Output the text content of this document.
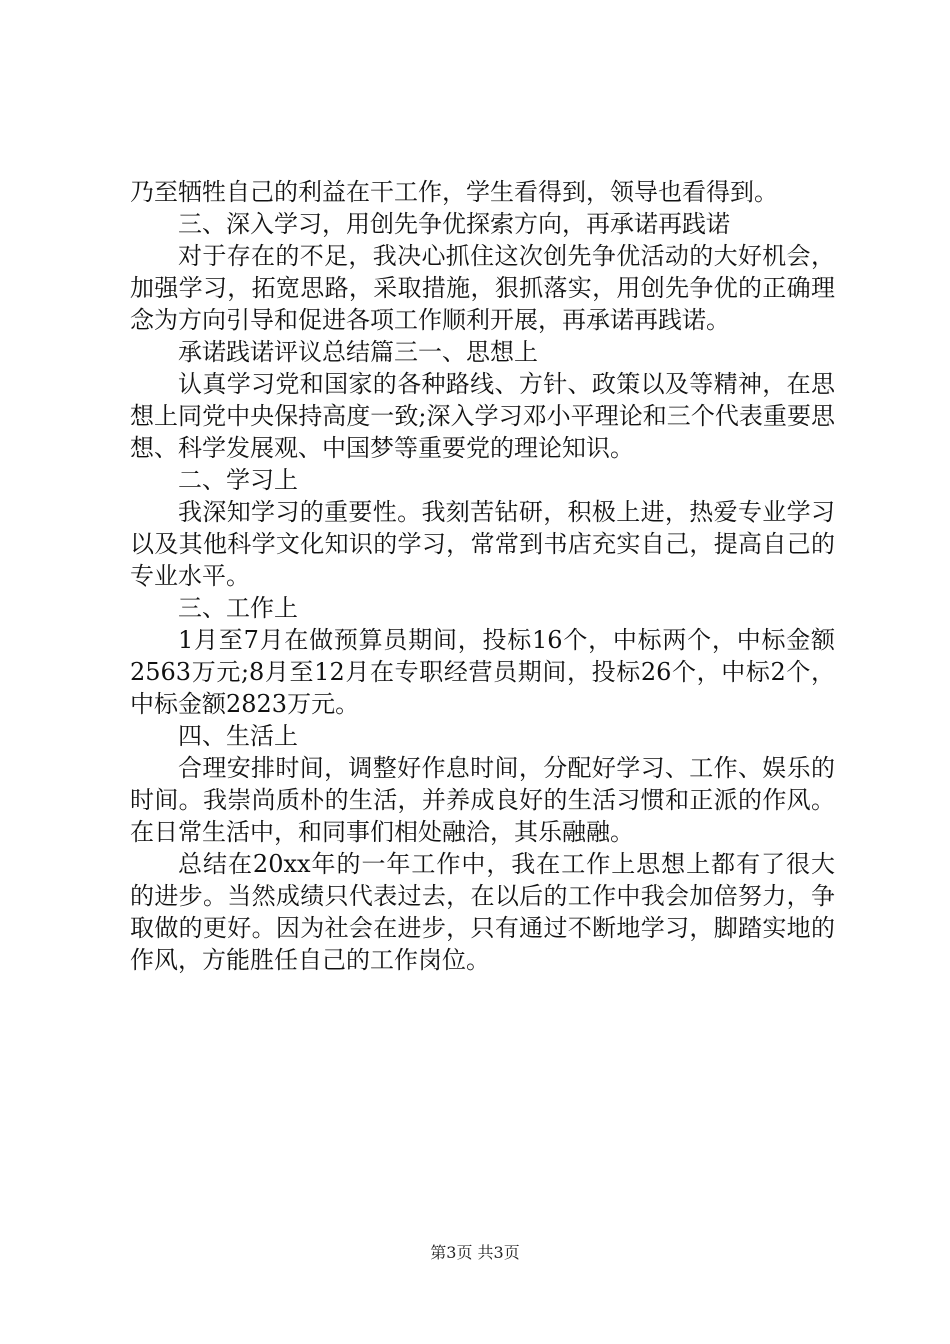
乃至牺牲自己的利益在干工作，学生看得到，领导也看得到。

三、深入学习，用创先争优探索方向，再承诺再践诺

对于存在的不足，我决心抓住这次创先争优活动的大好机会，加强学习，拓宽思路，采取措施，狠抓落实，用创先争优的正确理念为方向引导和促进各项工作顺利开展，再承诺再践诺。

承诺践诺评议总结篇三一、思想上

认真学习党和国家的各种路线、方针、政策以及等精神，在思想上同党中央保持高度一致;深入学习邓小平理论和三个代表重要思想、科学发展观、中国梦等重要党的理论知识。

二、学习上

我深知学习的重要性。我刻苦钻研，积极上进，热爱专业学习以及其他科学文化知识的学习，常常到书店充实自己，提高自己的专业水平。

三、工作上

1月至7月在做预算员期间，投标16个，中标两个，中标金额2563万元;8月至12月在专职经营员期间，投标26个，中标2个，中标金额2823万元。

四、生活上

合理安排时间，调整好作息时间，分配好学习、工作、娱乐的时间。我崇尚质朴的生活，并养成良好的生活习惯和正派的作风。在日常生活中，和同事们相处融洽，其乐融融。

总结在20xx年的一年工作中，我在工作上思想上都有了很大的进步。当然成绩只代表过去，在以后的工作中我会加倍努力，争取做的更好。因为社会在进步，只有通过不断地学习，脚踏实地的作风，方能胜任自己的工作岗位。

第3页 共3页
